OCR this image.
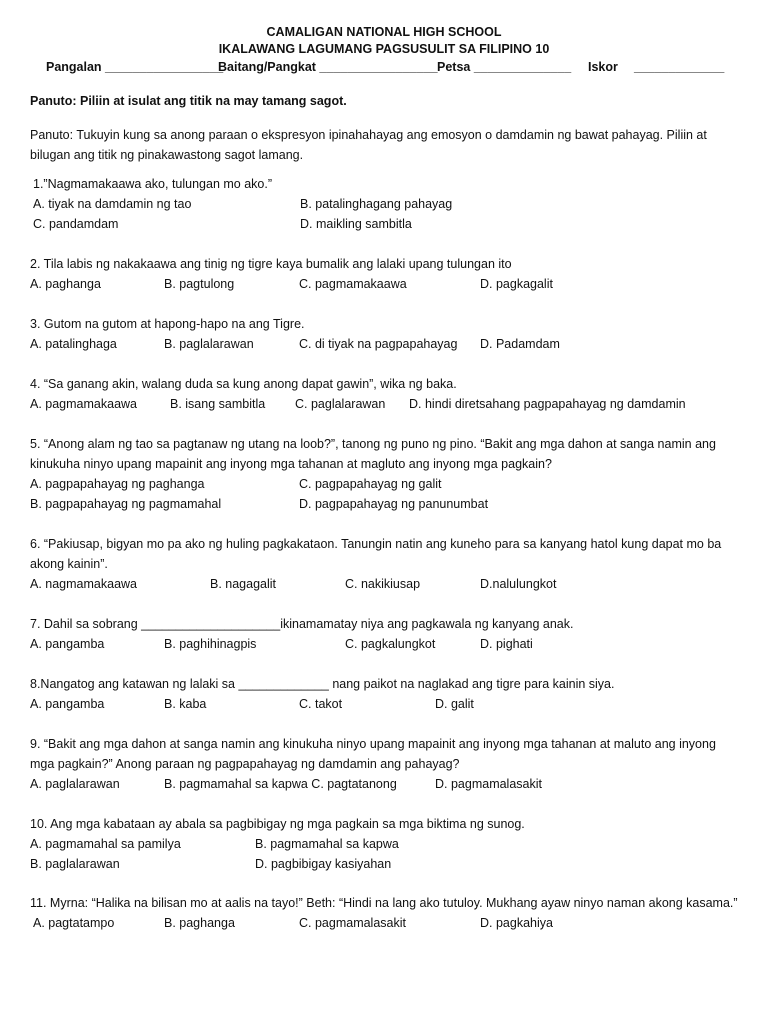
CAMALIGAN NATIONAL HIGH SCHOOL
IKALAWANG LAGUMANG PAGSUSULIT SA FILIPINO 10
Pangalan _________________
Baitang/Pangkat _________________ Petsa ______________ Iskor _____________
Panuto: Piliin at isulat ang titik na may tamang sagot.
Panuto: Tukuyin kung sa anong paraan o ekspresyon ipinahahayag ang emosyon o damdamin ng bawat pahayag. Piliin at bilugan ang titik ng pinakawastong sagot lamang.
1.”Nagmamakaawa ako, tulungan mo ako.”
A. tiyak na damdamin ng tao	B. patalinghagang pahayag
C. pandamdam	D. maikling sambitla
2. Tila labis ng nakakaawa ang tinig ng tigre kaya bumalik ang lalaki upang tulungan ito
A. paghanga	B. pagtulong	C. pagmamakaawa	D. pagkagalit
3. Gutom na gutom at hapong-hapo na ang Tigre.
A. patalinghaga	B. paglalarawan	C. di tiyak na pagpapahayag D. Padamdam
4. “Sa ganang akin, walang duda sa kung anong dapat gawin”, wika ng baka.
A. pagmamakaawa	B. isang sambitla C. paglalarawan D. hindi diretsahang pagpapahayag ng damdamin
5. “Anong alam ng tao sa pagtanaw ng utang na loob?”, tanong ng puno ng pino. “Bakit ang mga dahon at sanga namin ang kinukuha ninyo upang mapainit ang inyong mga tahanan at magluto ang inyong mga pagkain?
A. pagpapahayag ng paghanga	C. pagpapahayag ng galit
B. pagpapahayag ng pagmamahal	D. pagpapahayag ng panunumbat
6. “Pakiusap, bigyan mo pa ako ng huling pagkakataon. Tanungin natin ang kuneho para sa kanyang hatol kung dapat mo ba akong kainin”.
A. nagmamakaawa	B. nagagalit	C. nakikiusap	D.nalulungkot
7. Dahil sa sobrang ____________________ikinamamatay niya ang pagkawala ng kanyang anak.
A. pangamba	B. paghihinagpis	C. pagkalungkot	D. pighati
8.Nangatog ang katawan ng lalaki sa _____________ nang paikot na naglakad ang tigre para kainin siya.
A. pangamba	B. kaba	C. takot	D. galit
9. “Bakit ang mga dahon at sanga namin ang kinukuha ninyo upang mapainit ang inyong mga tahanan at maluto ang inyong mga pagkain?” Anong paraan ng pagpapahayag ng damdamin ang pahayag?
A. paglalarawan	B. pagmamahal sa kapwa C. pagtatanong	D. pagmamalasakit
10. Ang mga kabataan ay abala sa pagbibigay ng mga pagkain sa mga biktima ng sunog.
A. pagmamahal sa pamilya	B. pagmamahal sa kapwa
B. paglalarawan	D. pagbibigay kasiyahan
11. Myrna: “Halika na bilisan mo at aalis na tayo!” Beth: “Hindi na lang ako tutuloy. Mukhang ayaw ninyo naman akong kasama.”
A. pagtatampo	B. paghanga	C. pagmamalasakit	D. pagkahiya
